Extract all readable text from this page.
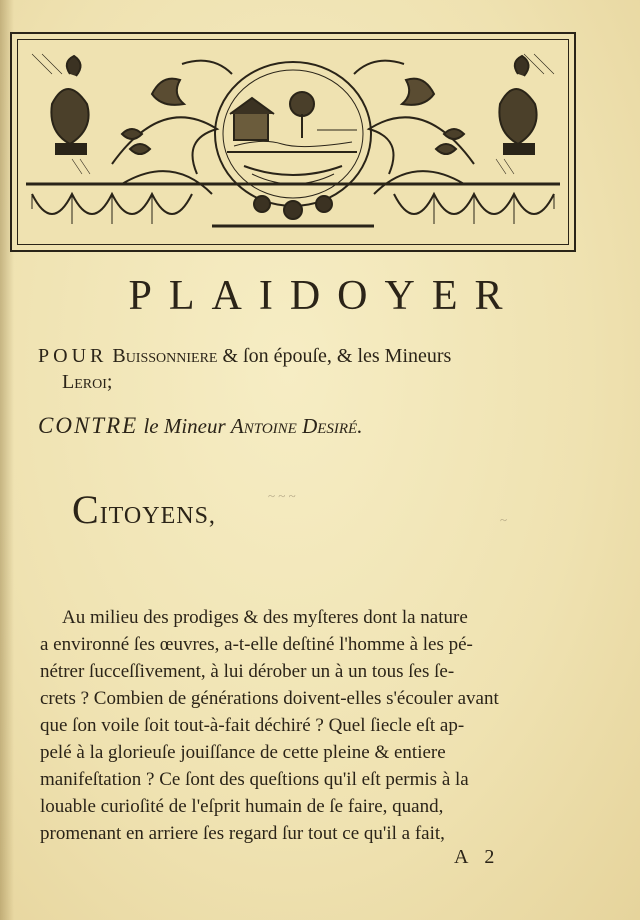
PLAIDOYER

POUR Buissonniere & ſon épouſe, & les Mineurs

Leroi;

CONTRE le Mineur Antoine Desiré.

CITOYENS,

~ ~ ~
~

Au milieu des prodiges & des myſteres dont la nature
a environné ſes œuvres, a-t-elle deſtiné l'homme à les pé-
nétrer ſucceſſivement, à lui dérober un à un tous ſes ſe-
crets ? Combien de générations doivent-elles s'écouler avant
que ſon voile ſoit tout-à-fait déchiré ? Quel ſiecle eſt ap-
pelé à la glorieuſe jouiſſance de cette pleine & entiere
manifeſtation ? Ce ſont des queſtions qu'il eſt permis à la
louable curioſité de l'eſprit humain de ſe faire, quand,
promenant en arriere ſes regard ſur tout ce qu'il a fait,

A 2
